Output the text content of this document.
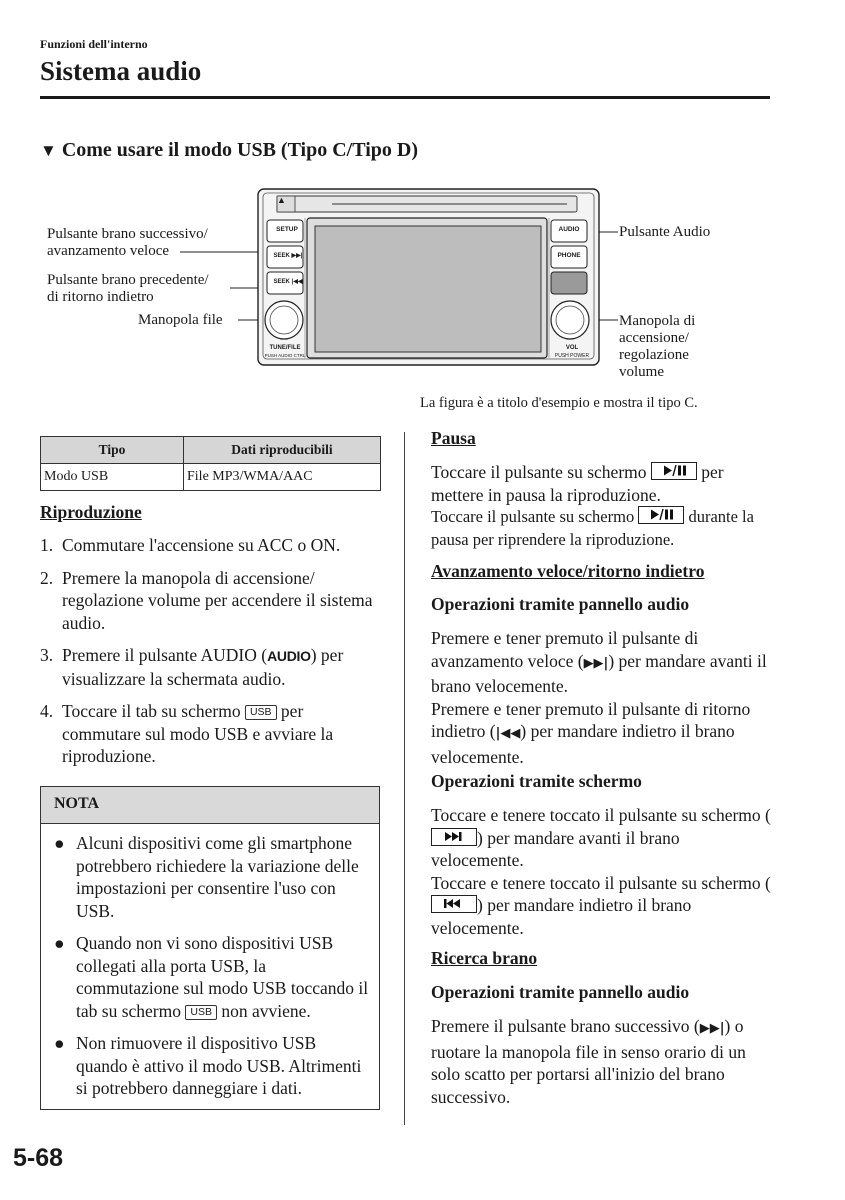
Funzioni dell'interno
Sistema audio
▼ Come usare il modo USB (Tipo C/Tipo D)
Pulsante brano successivo/
avanzamento veloce
Pulsante brano precedente/
di ritorno indietro
Manopola file
Pulsante Audio
Manopola di
accensione/
regolazione
volume
▲
SETUP
SEEK ▶▶|
SEEK |◀◀
AUDIO
PHONE
TUNE/FILE
PUSH AUDIO CTRL
VOL
PUSH POWER
La figura è a titolo d'esempio e mostra il tipo C.
Tipo	Dati riproducibili
Modo USB	File MP3/WMA/AAC
Riproduzione
1. Commutare l'accensione su ACC o ON.
2. Premere la manopola di accensione/ regolazione volume per accendere il sistema audio.
3. Premere il pulsante AUDIO (AUDIO) per visualizzare la schermata audio.
4. Toccare il tab su schermo USB per commutare sul modo USB e avviare la riproduzione.
NOTA
● Alcuni dispositivi come gli smartphone potrebbero richiedere la variazione delle impostazioni per consentire l'uso con USB.
● Quando non vi sono dispositivi USB collegati alla porta USB, la commutazione sul modo USB toccando il tab su schermo USB non avviene.
● Non rimuovere il dispositivo USB quando è attivo il modo USB. Altrimenti si potrebbero danneggiare i dati.
Pausa
Toccare il pulsante su schermo	per mettere in pausa la riproduzione.
Toccare il pulsante su schermo	durante la pausa per riprendere la riproduzione.
Avanzamento veloce/ritorno indietro
Operazioni tramite pannello audio
Premere e tener premuto il pulsante di avanzamento veloce (▶▶|) per mandare avanti il brano velocemente.
Premere e tener premuto il pulsante di ritorno indietro (|◀◀) per mandare indietro il brano velocemente.
Operazioni tramite schermo
Toccare e tenere toccato il pulsante su schermo (
) per mandare avanti il brano velocemente.
Toccare e tenere toccato il pulsante su schermo (
) per mandare indietro il brano velocemente.
Ricerca brano
Operazioni tramite pannello audio
Premere il pulsante brano successivo (▶▶|) o ruotare la manopola file in senso orario di un solo scatto per portarsi all'inizio del brano successivo.
5-68
